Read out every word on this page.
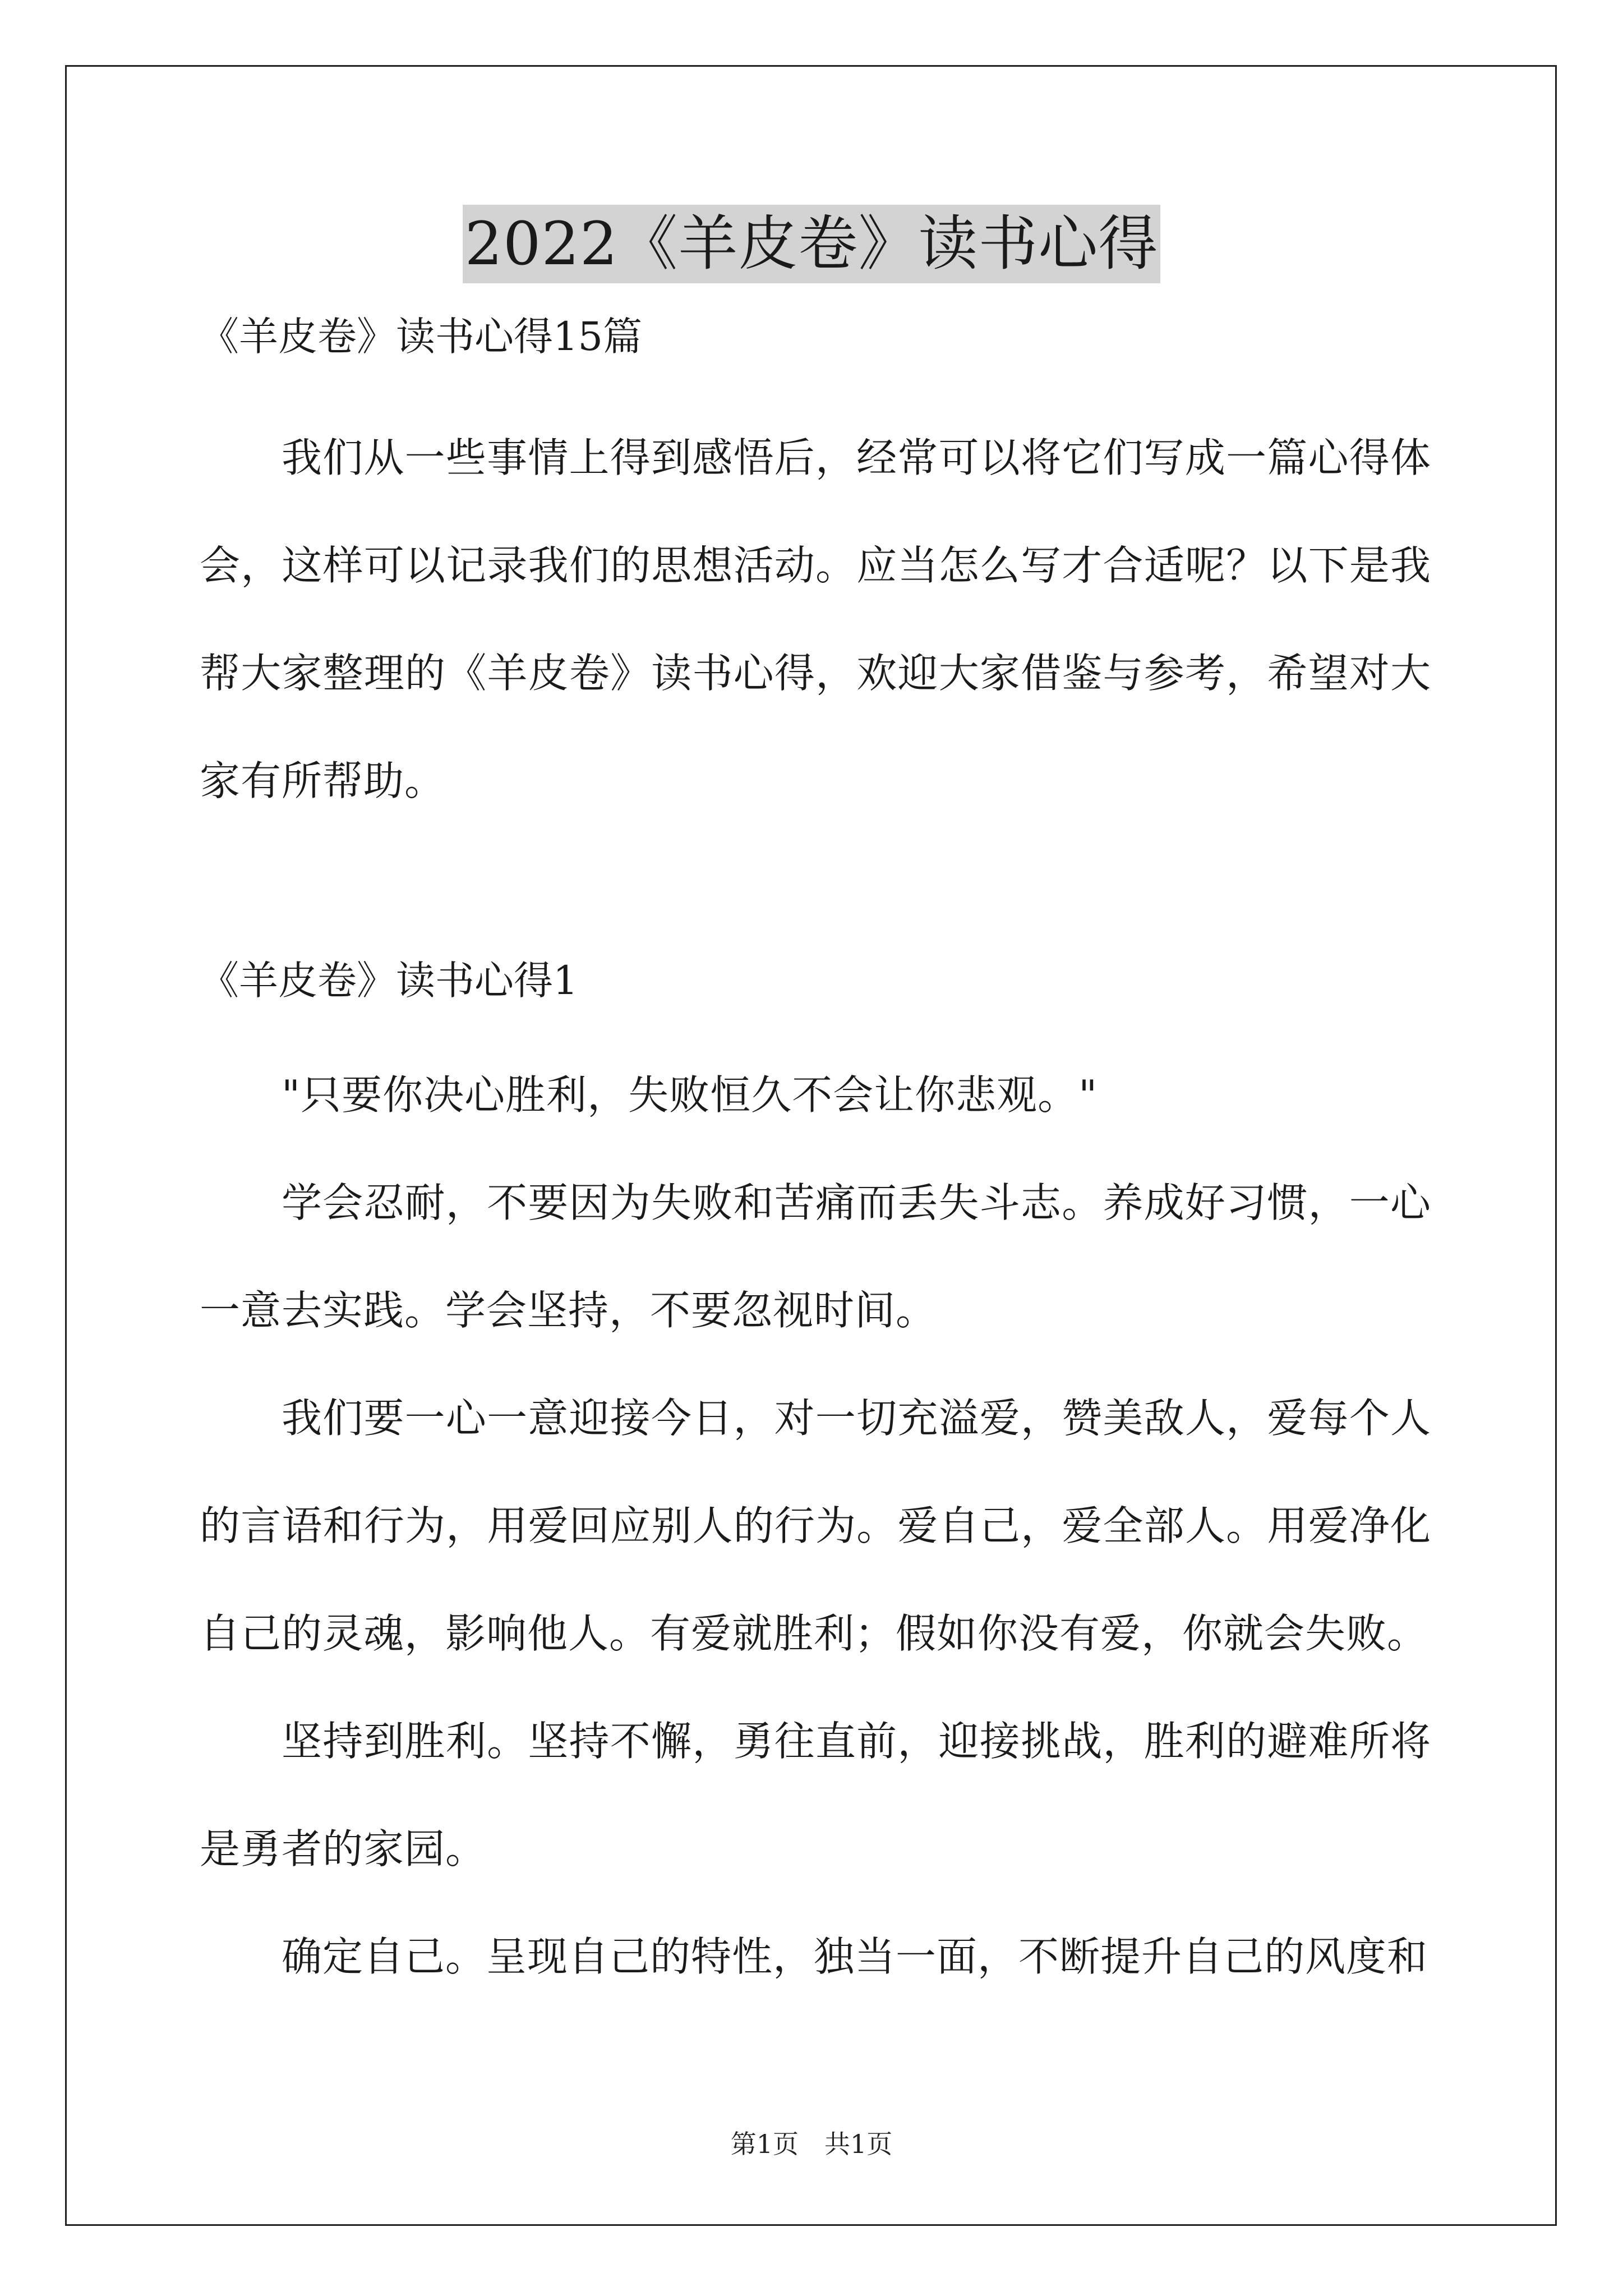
2022《羊皮卷》读书心得

《羊皮卷》读书心得15篇

我们从一些事情上得到感悟后，经常可以将它们写成一篇心得体会，这样可以记录我们的思想活动。应当怎么写才合适呢？以下是我帮大家整理的《羊皮卷》读书心得，欢迎大家借鉴与参考，希望对大家有所帮助。

《羊皮卷》读书心得1

"只要你决心胜利，失败恒久不会让你悲观。"

学会忍耐，不要因为失败和苦痛而丢失斗志。养成好习惯，一心一意去实践。学会坚持，不要忽视时间。

我们要一心一意迎接今日，对一切充溢爱，赞美敌人，爱每个人的言语和行为，用爱回应别人的行为。爱自己，爱全部人。用爱净化自己的灵魂，影响他人。有爱就胜利；假如你没有爱，你就会失败。

坚持到胜利。坚持不懈，勇往直前，迎接挑战，胜利的避难所将是勇者的家园。

确定自己。呈现自己的特性，独当一面，不断提升自己的风度和

第1页　共1页
